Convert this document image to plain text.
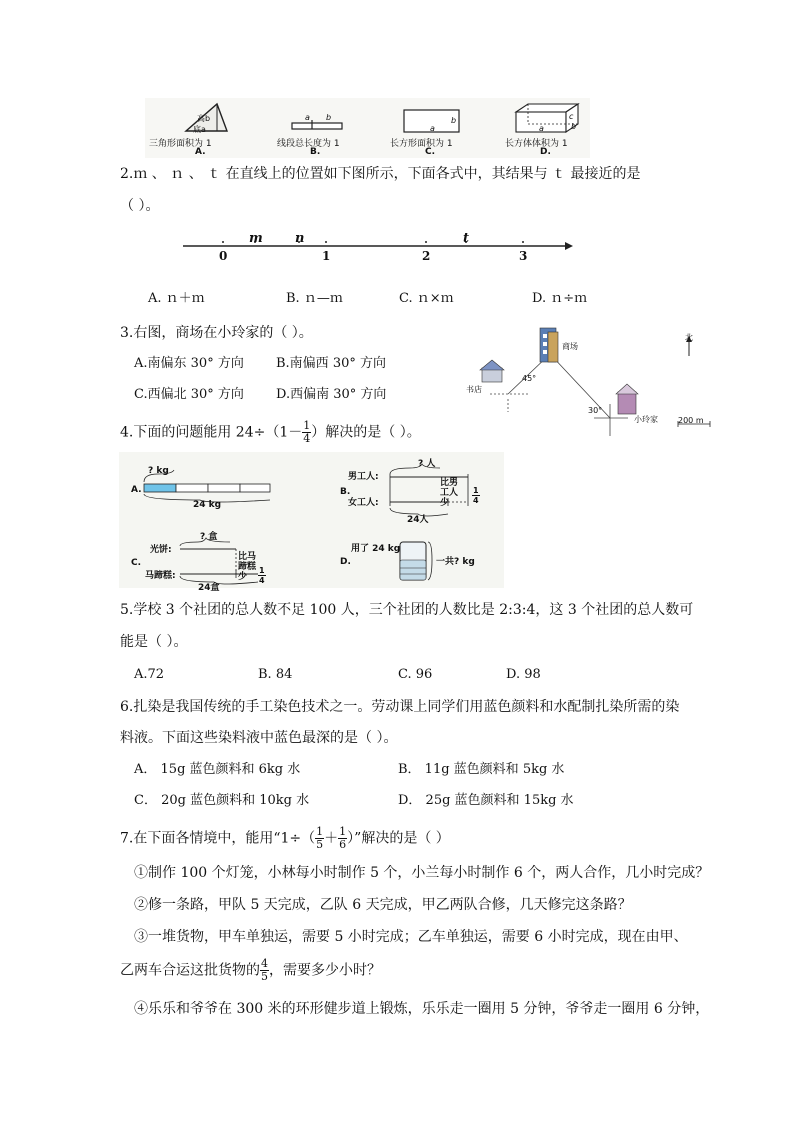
高b
底a
三角形面积为 1
A.
a b
线段总长度为 1
B.
b
a
长方形面积为 1
C.
c
a	b
长方体体积为 1
D.
2.ｍ 、 ｎ 、 ｔ 在直线上的位置如下图所示，下面各式中，其结果与 ｔ 最接近的是
（ ）。
m n	t
0	1	2	3
A. ｎ＋ｍ	B. ｎ—ｍ	C. ｎ×ｍ	D. ｎ÷ｍ
3.右图，商场在小玲家的（ ）。
A.南偏东 30° 方向 B.南偏西 30° 方向
C.西偏北 30° 方向 D.西偏南 30° 方向
北
商场
书店
45°
30°
小玲家	200 m
4.下面的问题能用 $24\div(1- \frac{1}{4}$ ）解决的是（ ）。
? kg
A.
24 kg
? 人
B.
男工人:
女工人:
比男工人少	$\frac{1}{4}$
24人
? 盒
C.
光饼:
马蹄糕:
比马蹄糕少	$\frac{1}{4}$
24盒
用了 24 kg
D.	一共? kg
5.学校 3 个社团的总人数不足 100 人，三个社团的人数比是 2:3:4，这 3 个社团的总人数可
能是（ ）。
A.72	B. 84	C. 96	D. 98
6.扎染是我国传统的手工染色技术之一。劳动课上同学们用蓝色颜料和水配制扎染所需的染
料液。下面这些染料液中蓝色最深的是（ ）。
A． 15g 蓝色颜料和 6kg 水	B． 11g 蓝色颜料和 5kg 水
C． 20g 蓝色颜料和 10kg 水	D． 25g 蓝色颜料和 15kg 水
7.在下面各情境中，能用“$1\div( \frac{1}{5} + \frac{1}{6}$ ）”解决的是（ ）
①制作 100 个灯笼，小林每小时制作 5 个，小兰每小时制作 6 个，两人合作，几小时完成？
②修一条路，甲队 5 天完成，乙队 6 天完成，甲乙两队合修，几天修完这条路？
③一堆货物，甲车单独运，需要 5 小时完成；乙车单独运，需要 6 小时完成，现在由甲、
乙两车合运这批货物的 $\frac{4}{5}$ ，需要多少小时？
④乐乐和爷爷在 300 米的环形健步道上锻炼，乐乐走一圈用 5 分钟，爷爷走一圈用 6 分钟，
